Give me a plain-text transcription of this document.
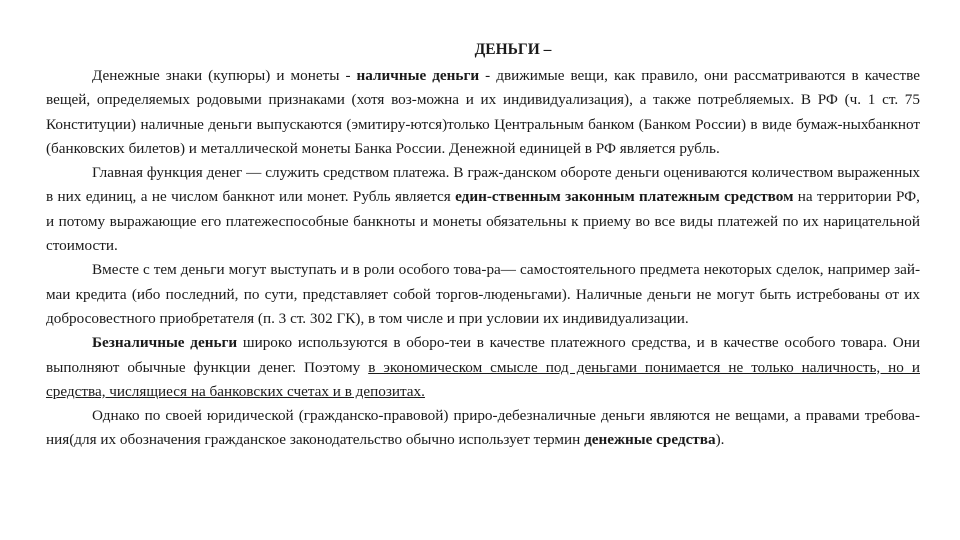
ДЕНЬГИ –

Денежные знаки (купюры) и монеты - наличные деньги - движимые вещи, как правило, они рассматриваются в качестве вещей, определяемых родовыми признаками (хотя воз-можна и их индивидуализация), а также потребляемых. В РФ (ч. 1 ст. 75 Конституции) наличные деньги выпускаются (эмитиру-ются)только Центральным банком (Банком России) в виде бумаж-ныхбанкнот (банковских билетов) и металлической монеты Банка России. Денежной единицей в РФ является рубль.

Главная функция денег — служить средством платежа. В граж-данском обороте деньги оцениваются количеством выраженных в них единиц, а не числом банкнот или монет. Рубль является един-ственным законным платежным средством на территории РФ, и потому выражающие его платежеспособные банкноты и монеты обязательны к приему во все виды платежей по их нарицательной стоимости.

Вместе с тем деньги могут выступать и в роли особого това-ра— самостоятельного предмета некоторых сделок, например зай-маи кредита (ибо последний, по сути, представляет собой торгов-люденьгами). Наличные деньги не могут быть истребованы от их добросовестного приобретателя (п. 3 ст. 302 ГК), в том числе и при условии их индивидуализации.

Безналичные деньги широко используются в оборо-теи в качестве платежного средства, и в качестве особого товара. Они выполняют обычные функции денег. Поэтому в экономическом смысле под деньгами понимается не только наличность, но и средства, числящиеся на банковских счетах и в депозитах.

Однако по своей юридической (гражданско-правовой) приро-дебезналичные деньги являются не вещами, а правами требова-ния(для их обозначения гражданское законодательство обычно использует термин денежные средства).
